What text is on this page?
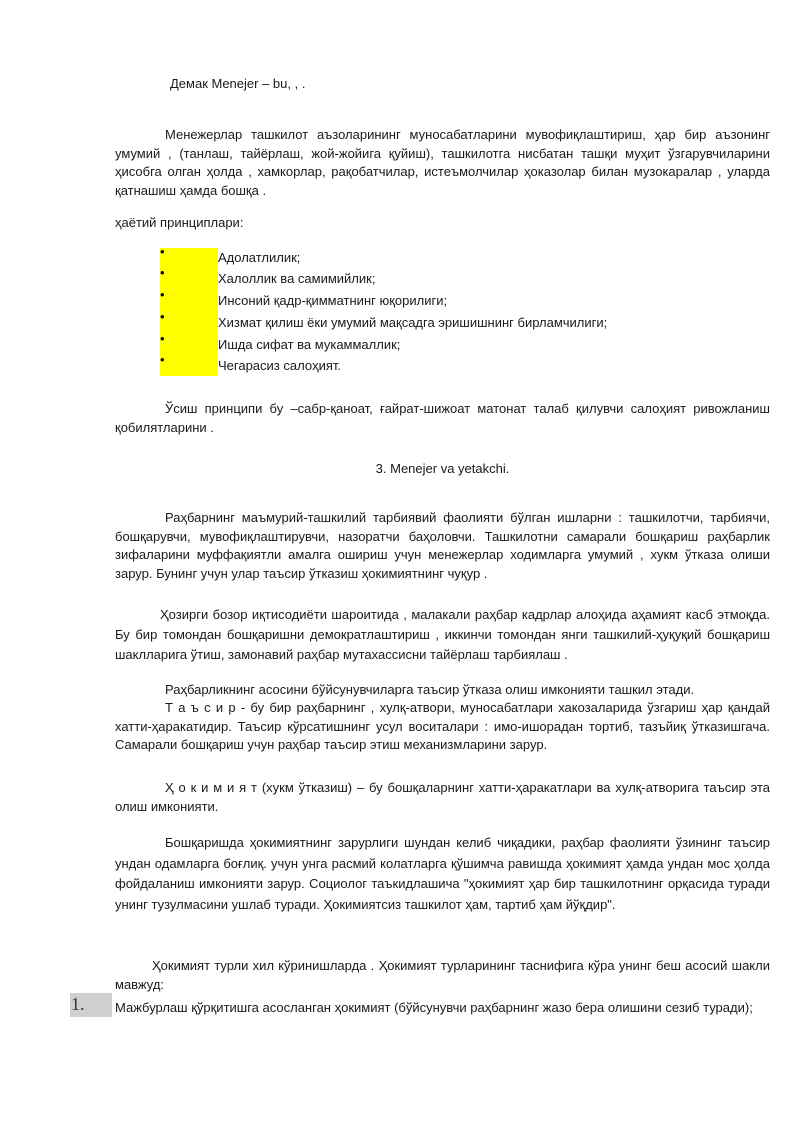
Демак Menejer – bu, , .

Менежерлар ташкилот аъзоларининг муносабатларини мувофиқлаштириш, ҳар бир аъзонинг умумий , (танлаш, тайёрлаш, жой-жойига қуйиш), ташкилотга нисбатан ташқи муҳит ўзгарувчиларини ҳисобга олган ҳолда , хамкорлар, рақобатчилар, истеъмолчилар ҳоказолар билан музокаралар , уларда қатнашиш ҳамда бошқа .

ҳаётий принциплари:

•	Адолатлилик;
•	Халоллик ва самимийлик;
•	Инсоний қадр-қимматнинг юқорилиги;
•	Хизмат қилиш ёки умумий мақсадга эришишнинг бирламчилиги;
•	Ишда сифат ва мукаммаллик;
•	Чегарасиз салоҳият.

Ўсиш принципи бу –сабр-қаноат, ғайрат-шижоат матонат талаб қилувчи салоҳият ривожланиш қобилятларини .

3. Menejer va yetakchi.

Раҳбарнинг маъмурий-ташкилий тарбиявий фаолияти бўлган ишларни : ташкилотчи, тарбиячи, бошқарувчи, мувофиқлаштирувчи, назоратчи баҳоловчи. Ташкилотни самарали бошқариш раҳбарлик зифаларини муффақиятли амалга ошириш учун менежерлар ходимларга умумий , хукм ўтказа олиши зарур. Бунинг учун улар таъсир ўтказиш ҳокимиятнинг чуқур .

Ҳозирги бозор иқтисодиёти шароитида , малакали раҳбар кадрлар алоҳида аҳамият касб этмоқда. Бу бир томондан бошқаришни демократлаштириш , иккинчи томондан янги ташкилий-ҳуқуқий бошқариш шаклларига ўтиш, замонавий раҳбар мутахассисни тайёрлаш тарбиялаш .

Раҳбарликнинг асосини бўйсунувчиларга таъсир ўтказа олиш имконияти ташкил этади.

Т а ъ с и р - бу бир раҳбарнинг , хулқ-атвори, муносабатлари хакозаларида ўзгариш ҳар қандай хатти-ҳаракатидир. Таъсир кўрсатишнинг усул воситалари : имо-ишорадан тортиб, тазъйиқ ўтказишгача. Самарали бошқариш учун раҳбар таъсир этиш механизмларини зарур.

Ҳ о к и м и я т (хукм ўтказиш) – бу бошқаларнинг хатти-ҳаракатлари ва хулқ-атворига таъсир эта олиш имконияти.

Бошқаришда ҳокимиятнинг зарурлиги шундан келиб чиқадики, раҳбар фаолияти ўзининг таъсир ундан одамларга боғлиқ. учун унга расмий колатларга қўшимча равишда ҳокимият ҳамда ундан мос ҳолда фойдаланиш имконияти зарур. Социолог таъкидлашича "ҳокимият ҳар бир ташкилотнинг орқасида туради унинг тузулмасини ушлаб туради. Ҳокимиятсиз ташкилот ҳам, тартиб ҳам йўқдир".

Ҳокимият турли хил кўринишларда . Ҳокимият турларининг таснифига кўра унинг беш асосий шакли мавжуд:

1. Мажбурлаш қўрқитишга асосланган ҳокимият (бўйсунувчи раҳбарнинг жазо бера олишини сезиб туради);
